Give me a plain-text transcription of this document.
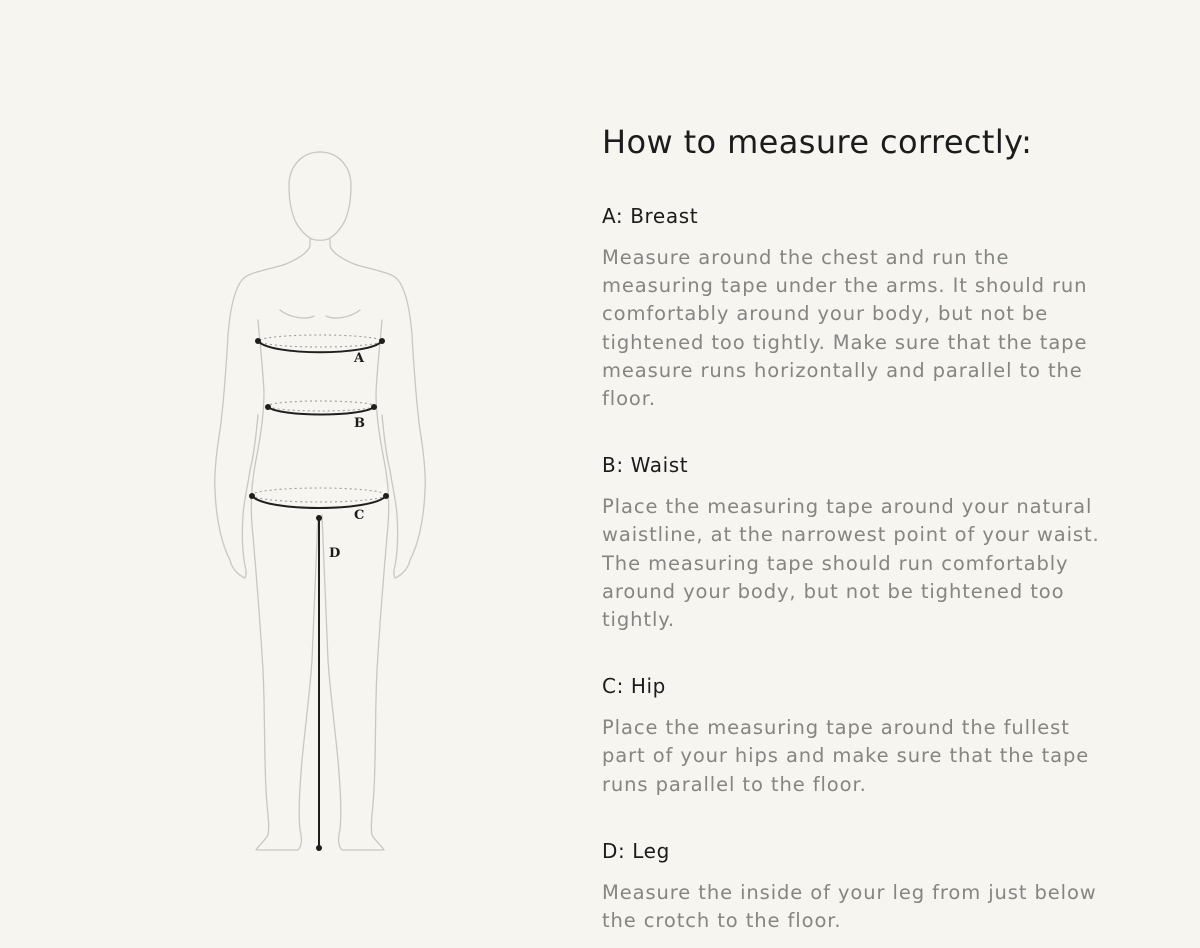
A
B
C
D
How to measure correctly:
A: Breast

Measure around the chest and run the measuring tape under the arms. It should run comfortably around your body, but not be tightened too tightly. Make sure that the tape measure runs horizontally and parallel to the floor.

B: Waist

Place the measuring tape around your natural waistline, at the narrowest point of your waist. The measuring tape should run comfortably around your body, but not be tightened too tightly.

C: Hip

Place the measuring tape around the fullest part of your hips and make sure that the tape runs parallel to the floor.

D: Leg

Measure the inside of your leg from just below the crotch to the floor.
